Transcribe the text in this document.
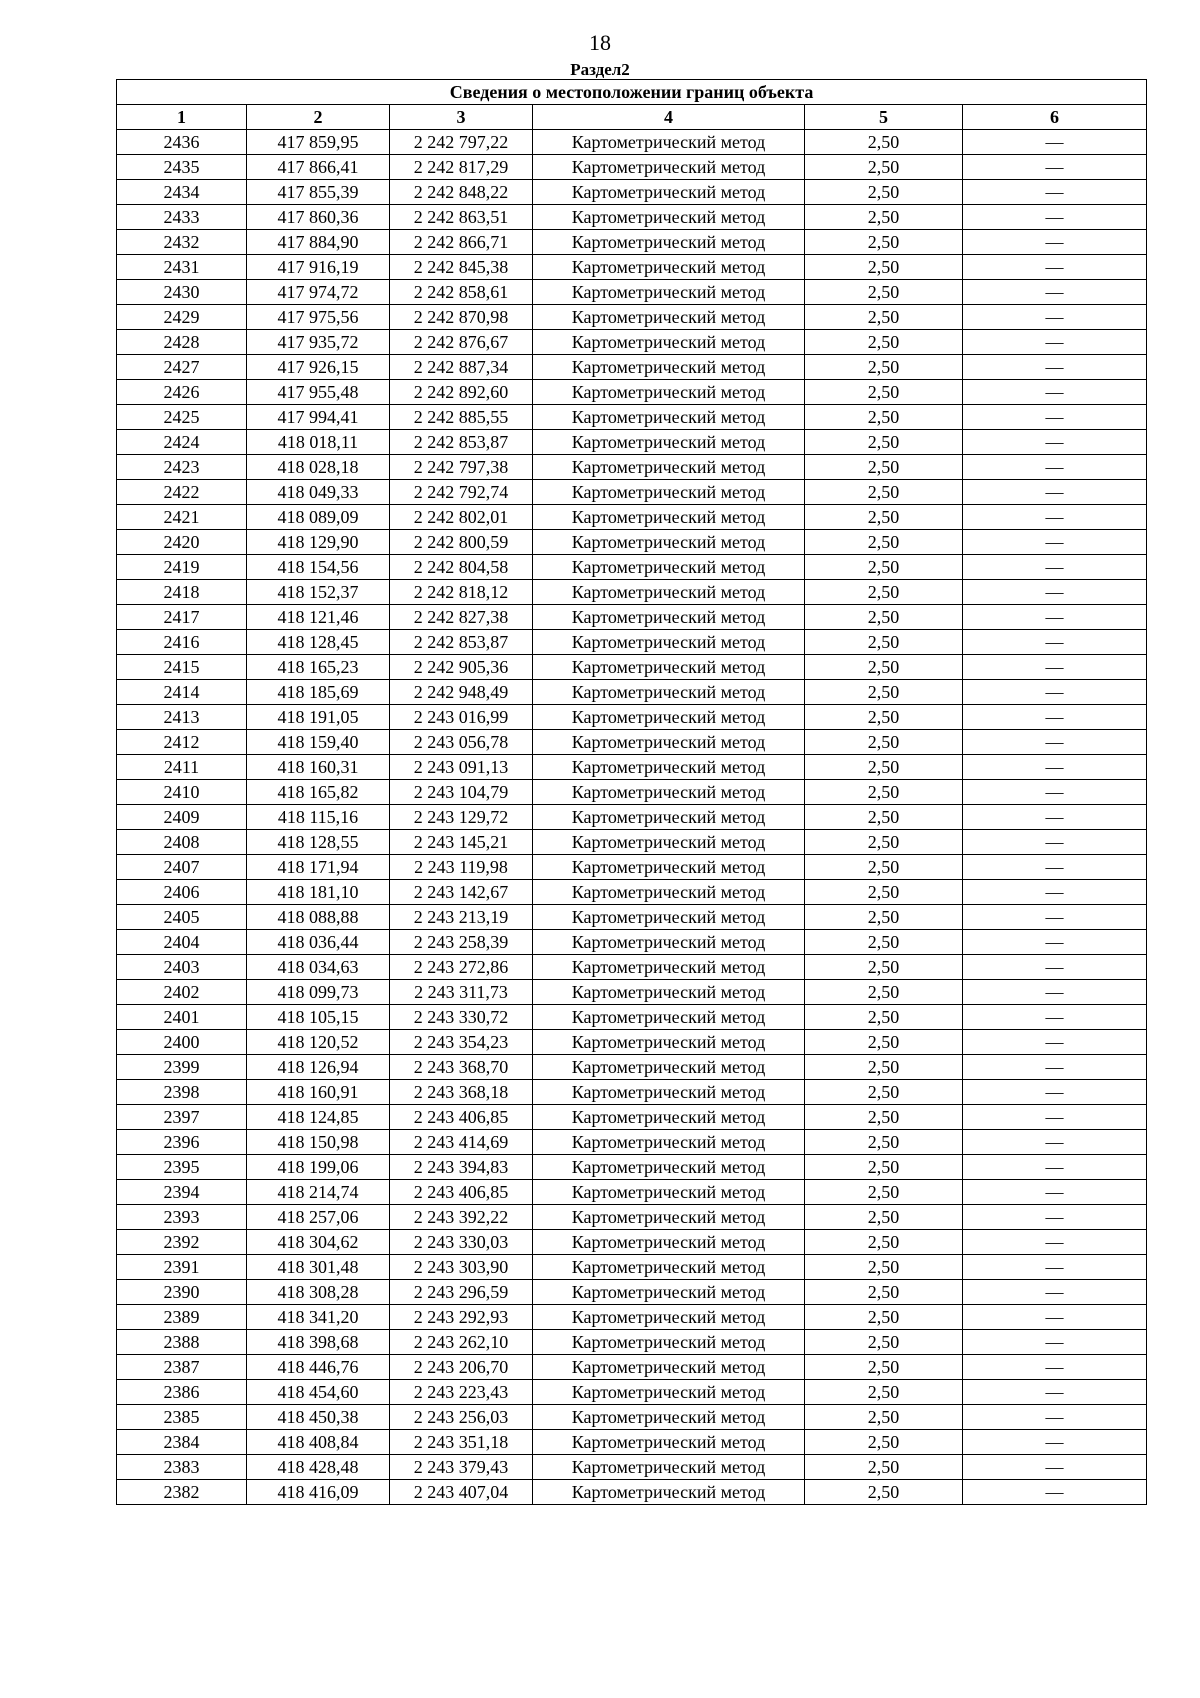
18
Раздел2
Сведения о местоположении границ объекта					
1	2	3	4	5	6
2436	417 859,95	2 242 797,22	Картометрический метод	2,50	—
2435	417 866,41	2 242 817,29	Картометрический метод	2,50	—
2434	417 855,39	2 242 848,22	Картометрический метод	2,50	—
2433	417 860,36	2 242 863,51	Картометрический метод	2,50	—
2432	417 884,90	2 242 866,71	Картометрический метод	2,50	—
2431	417 916,19	2 242 845,38	Картометрический метод	2,50	—
2430	417 974,72	2 242 858,61	Картометрический метод	2,50	—
2429	417 975,56	2 242 870,98	Картометрический метод	2,50	—
2428	417 935,72	2 242 876,67	Картометрический метод	2,50	—
2427	417 926,15	2 242 887,34	Картометрический метод	2,50	—
2426	417 955,48	2 242 892,60	Картометрический метод	2,50	—
2425	417 994,41	2 242 885,55	Картометрический метод	2,50	—
2424	418 018,11	2 242 853,87	Картометрический метод	2,50	—
2423	418 028,18	2 242 797,38	Картометрический метод	2,50	—
2422	418 049,33	2 242 792,74	Картометрический метод	2,50	—
2421	418 089,09	2 242 802,01	Картометрический метод	2,50	—
2420	418 129,90	2 242 800,59	Картометрический метод	2,50	—
2419	418 154,56	2 242 804,58	Картометрический метод	2,50	—
2418	418 152,37	2 242 818,12	Картометрический метод	2,50	—
2417	418 121,46	2 242 827,38	Картометрический метод	2,50	—
2416	418 128,45	2 242 853,87	Картометрический метод	2,50	—
2415	418 165,23	2 242 905,36	Картометрический метод	2,50	—
2414	418 185,69	2 242 948,49	Картометрический метод	2,50	—
2413	418 191,05	2 243 016,99	Картометрический метод	2,50	—
2412	418 159,40	2 243 056,78	Картометрический метод	2,50	—
2411	418 160,31	2 243 091,13	Картометрический метод	2,50	—
2410	418 165,82	2 243 104,79	Картометрический метод	2,50	—
2409	418 115,16	2 243 129,72	Картометрический метод	2,50	—
2408	418 128,55	2 243 145,21	Картометрический метод	2,50	—
2407	418 171,94	2 243 119,98	Картометрический метод	2,50	—
2406	418 181,10	2 243 142,67	Картометрический метод	2,50	—
2405	418 088,88	2 243 213,19	Картометрический метод	2,50	—
2404	418 036,44	2 243 258,39	Картометрический метод	2,50	—
2403	418 034,63	2 243 272,86	Картометрический метод	2,50	—
2402	418 099,73	2 243 311,73	Картометрический метод	2,50	—
2401	418 105,15	2 243 330,72	Картометрический метод	2,50	—
2400	418 120,52	2 243 354,23	Картометрический метод	2,50	—
2399	418 126,94	2 243 368,70	Картометрический метод	2,50	—
2398	418 160,91	2 243 368,18	Картометрический метод	2,50	—
2397	418 124,85	2 243 406,85	Картометрический метод	2,50	—
2396	418 150,98	2 243 414,69	Картометрический метод	2,50	—
2395	418 199,06	2 243 394,83	Картометрический метод	2,50	—
2394	418 214,74	2 243 406,85	Картометрический метод	2,50	—
2393	418 257,06	2 243 392,22	Картометрический метод	2,50	—
2392	418 304,62	2 243 330,03	Картометрический метод	2,50	—
2391	418 301,48	2 243 303,90	Картометрический метод	2,50	—
2390	418 308,28	2 243 296,59	Картометрический метод	2,50	—
2389	418 341,20	2 243 292,93	Картометрический метод	2,50	—
2388	418 398,68	2 243 262,10	Картометрический метод	2,50	—
2387	418 446,76	2 243 206,70	Картометрический метод	2,50	—
2386	418 454,60	2 243 223,43	Картометрический метод	2,50	—
2385	418 450,38	2 243 256,03	Картометрический метод	2,50	—
2384	418 408,84	2 243 351,18	Картометрический метод	2,50	—
2383	418 428,48	2 243 379,43	Картометрический метод	2,50	—
2382	418 416,09	2 243 407,04	Картометрический метод	2,50	—
